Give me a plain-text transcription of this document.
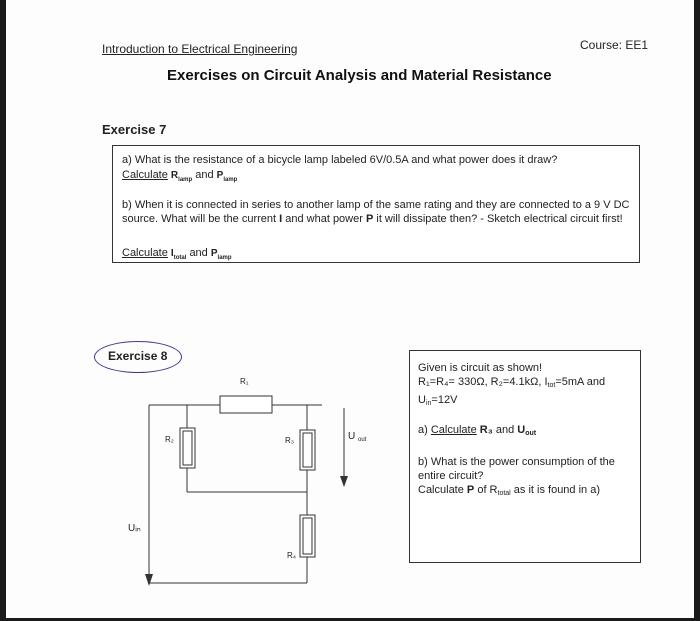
Introduction to Electrical Engineering	Course: EE1
Exercises on Circuit Analysis and Material Resistance
Exercise 7
a) What is the resistance of a bicycle lamp labeled 6V/0.5A and what power does it draw?
Calculate $R_{lamp}$ and $P_{lamp}$
b) When it is connected in series to another lamp of the same rating and they are connected to a 9 V DC source. What will be the current I and what power P it will dissipate then? - Sketch electrical circuit first!
Calculate $I_{total}$ and $P_{lamp}$
Exercise 8
R₁
R₂	R₃
R₄
Uᵢₙ
U out
Given is circuit as shown!
R₁=R₄= 330Ω, R₂=4.1kΩ, Itot=5mA and Uin=12V
a) Calculate R₃ and Uout
b) What is the power consumption of the entire circuit?
Calculate P of Rtotal as it is found in a)
